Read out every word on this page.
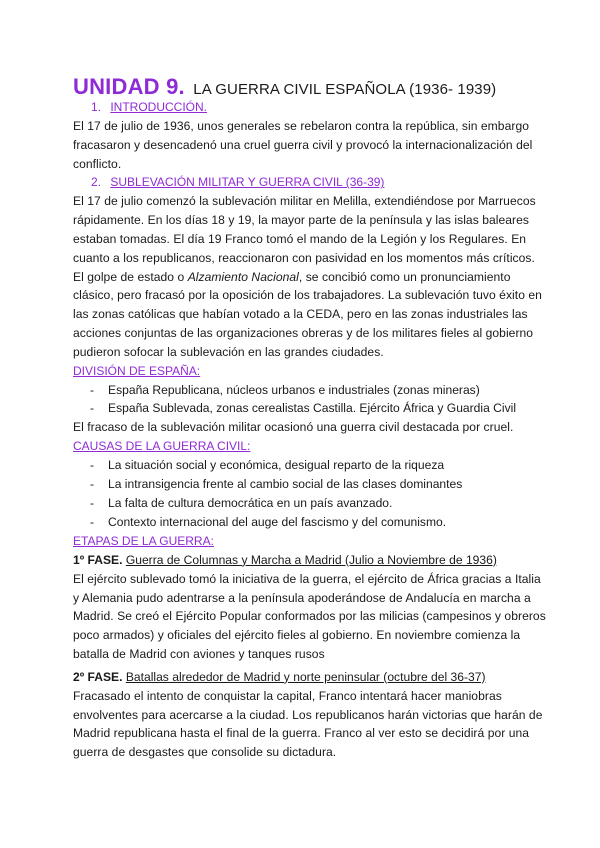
UNIDAD 9. LA GUERRA CIVIL ESPAÑOLA (1936- 1939)

1. INTRODUCCIÓN.

El 17 de julio de 1936, unos generales se rebelaron contra la república, sin embargo fracasaron y desencadenó una cruel guerra civil y provocó la internacionalización del conflicto.

2. SUBLEVACIÓN MILITAR Y GUERRA CIVIL (36-39)

El 17 de julio comenzó la sublevación militar en Melilla, extendiéndose por Marruecos rápidamente. En los días 18 y 19, la mayor parte de la península y las islas baleares estaban tomadas. El día 19 Franco tomó el mando de la Legión y los Regulares. En cuanto a los republicanos, reaccionaron con pasividad en los momentos más críticos. El golpe de estado o Alzamiento Nacional, se concibió como un pronunciamiento clásico, pero fracasó por la oposición de los trabajadores. La sublevación tuvo éxito en las zonas católicas que habían votado a la CEDA, pero en las zonas industriales las acciones conjuntas de las organizaciones obreras y de los militares fieles al gobierno pudieron sofocar la sublevación en las grandes ciudades.

DIVISIÓN DE ESPAÑA:

- España Republicana, núcleos urbanos e industriales (zonas mineras)
- España Sublevada, zonas cerealistas Castilla. Ejército África y Guardia Civil

El fracaso de la sublevación militar ocasionó una guerra civil destacada por cruel.

CAUSAS DE LA GUERRA CIVIL:

- La situación social y económica, desigual reparto de la riqueza
- La intransigencia frente al cambio social de las clases dominantes
- La falta de cultura democrática en un país avanzado.
- Contexto internacional del auge del fascismo y del comunismo.

ETAPAS DE LA GUERRA:

1º FASE. Guerra de Columnas y Marcha a Madrid (Julio a Noviembre de 1936)

El ejército sublevado tomó la iniciativa de la guerra, el ejército de África gracias a Italia y Alemania pudo adentrarse a la península apoderándose de Andalucía en marcha a Madrid. Se creó el Ejército Popular conformados por las milicias (campesinos y obreros poco armados) y oficiales del ejército fieles al gobierno. En noviembre comienza la batalla de Madrid con aviones y tanques rusos

2º FASE. Batallas alrededor de Madrid y norte peninsular (octubre del 36-37)

Fracasado el intento de conquistar la capital, Franco intentará hacer maniobras envolventes para acercarse a la ciudad. Los republicanos harán victorias que harán de Madrid republicana hasta el final de la guerra. Franco al ver esto se decidirá por una guerra de desgastes que consolide su dictadura.
